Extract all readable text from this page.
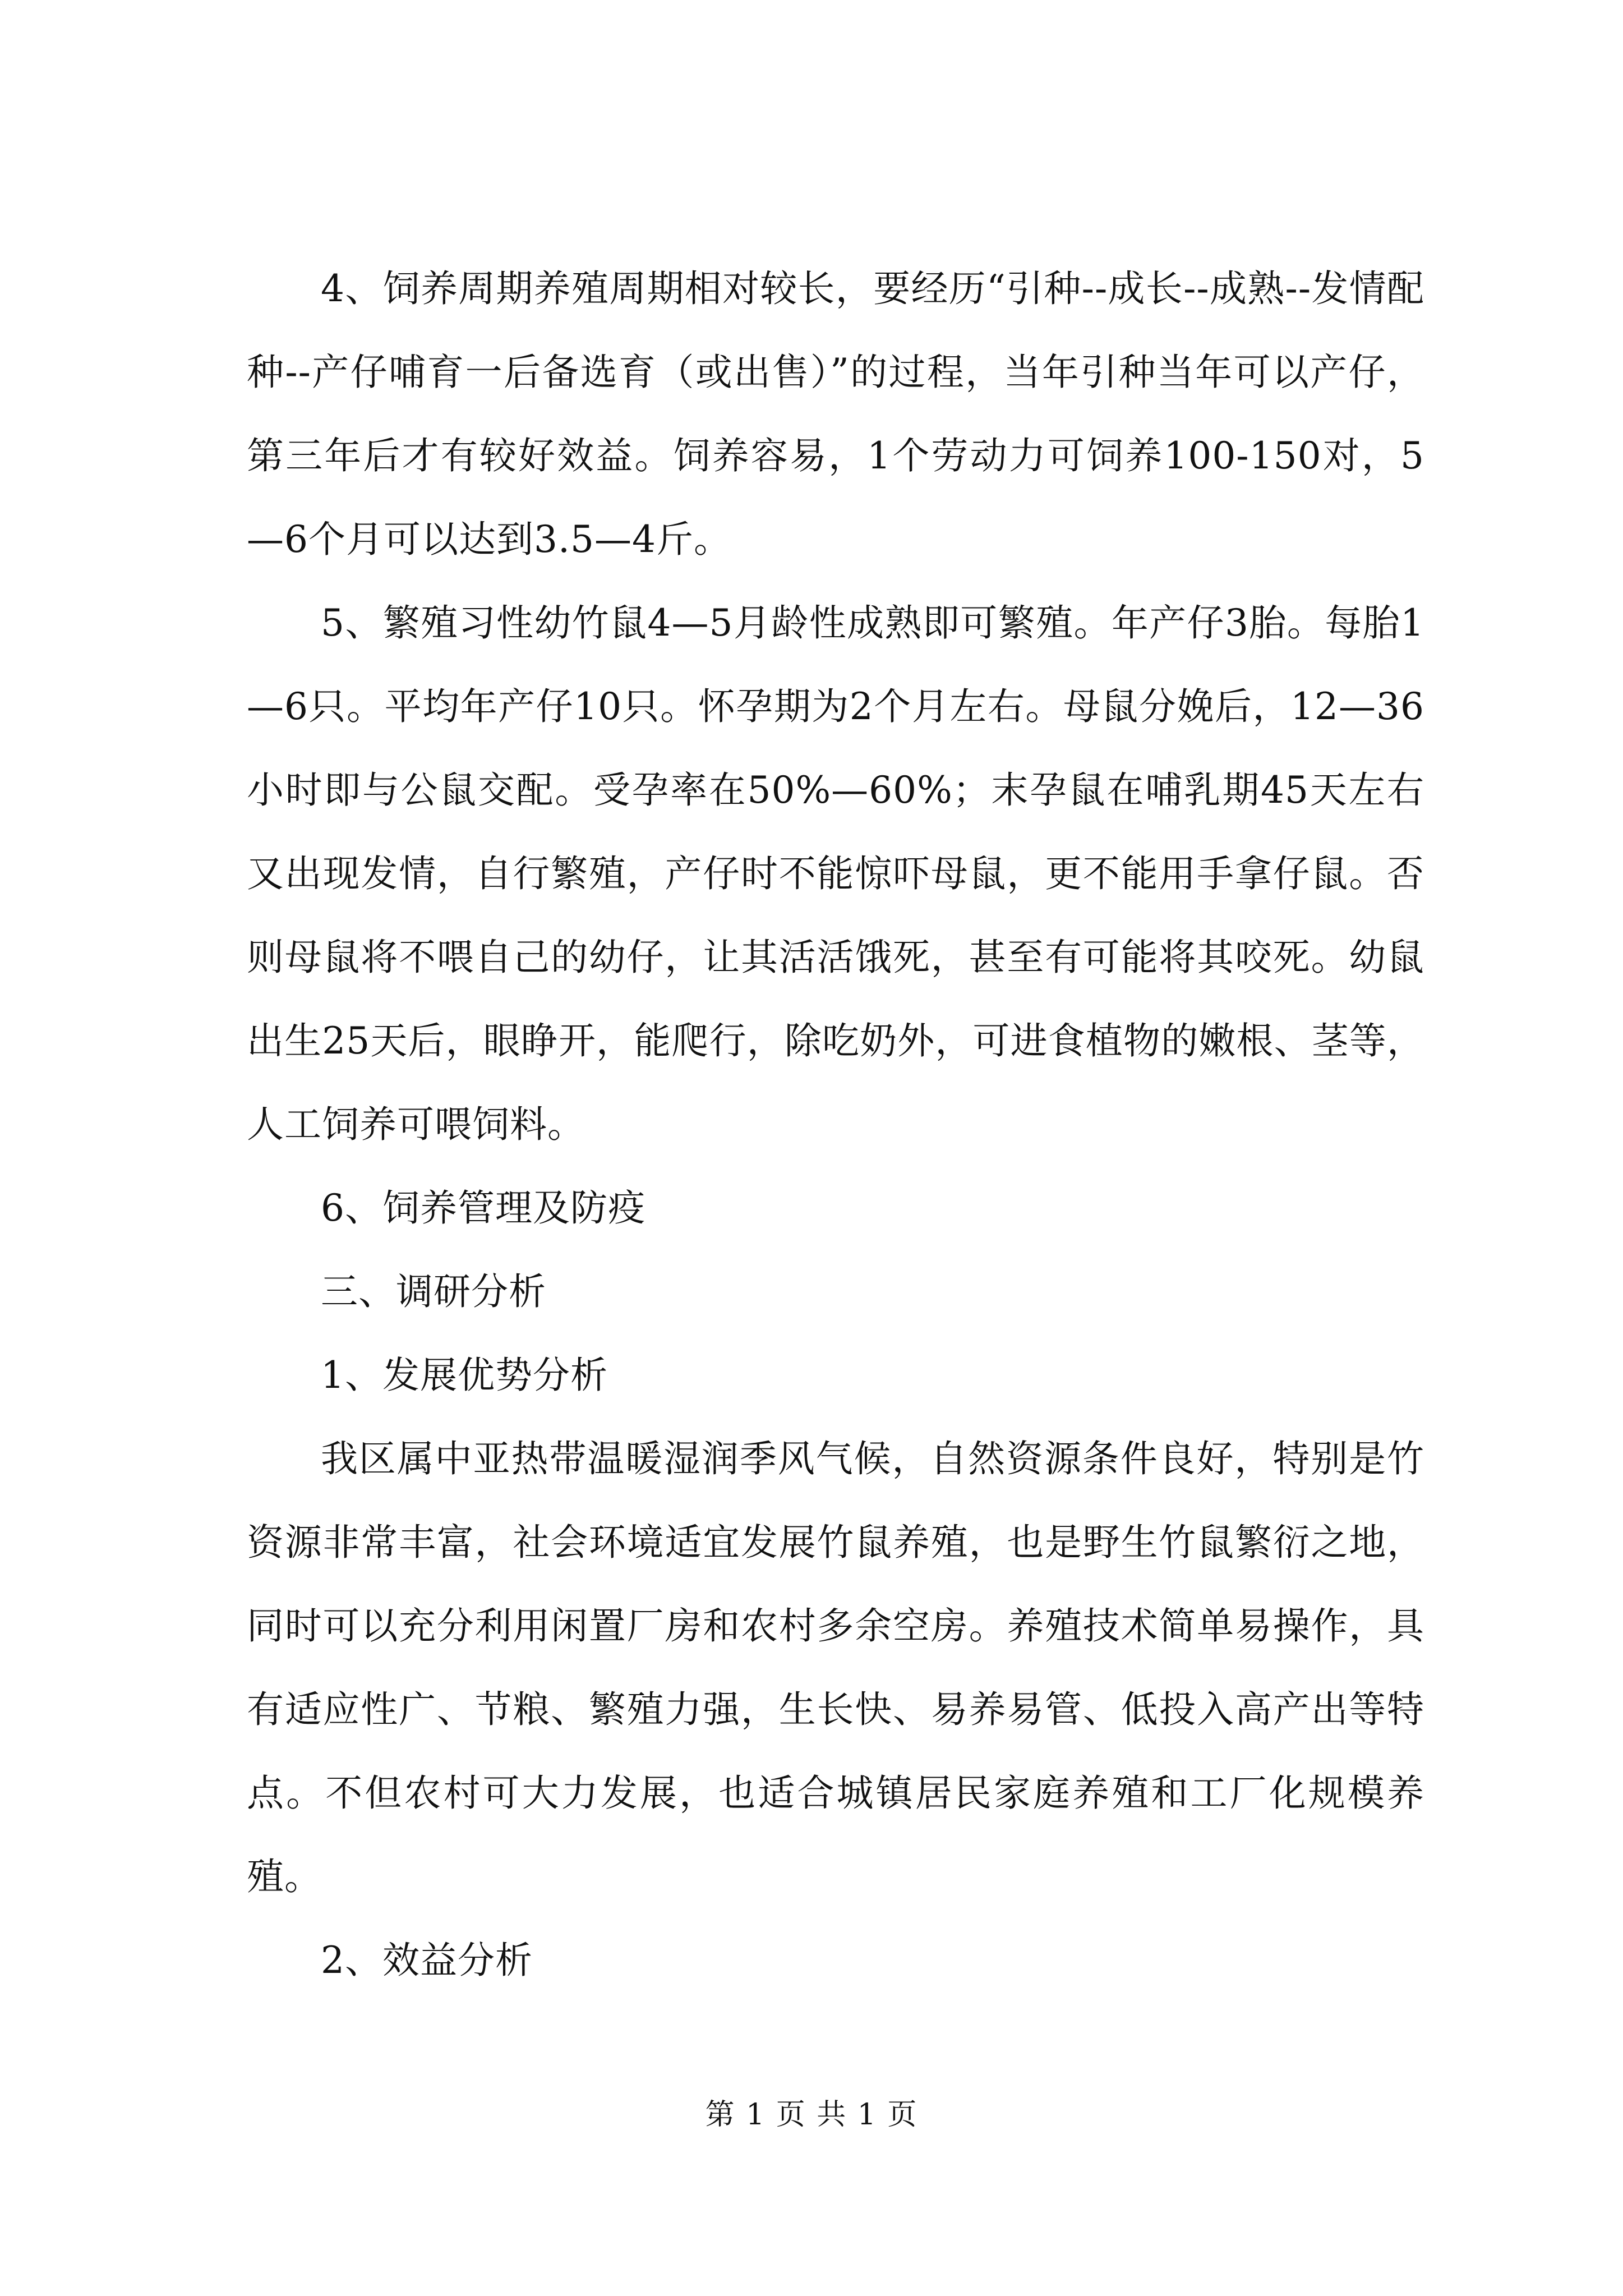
4、饲养周期养殖周期相对较长，要经历“引种--成长--成熟--发情配种--产仔哺育一后备选育（或出售）”的过程，当年引种当年可以产仔，第三年后才有较好效益。饲养容易，1个劳动力可饲养100-150对，5—6个月可以达到3.5—4斤。

5、繁殖习性幼竹鼠4—5月龄性成熟即可繁殖。年产仔3胎。每胎1—6只。平均年产仔10只。怀孕期为2个月左右。母鼠分娩后，12—36小时即与公鼠交配。受孕率在50%—60%；末孕鼠在哺乳期45天左右又出现发情，自行繁殖，产仔时不能惊吓母鼠，更不能用手拿仔鼠。否则母鼠将不喂自己的幼仔，让其活活饿死，甚至有可能将其咬死。幼鼠出生25天后，眼睁开，能爬行，除吃奶外，可进食植物的嫩根、茎等，人工饲养可喂饲料。

6、饲养管理及防疫

三、调研分析

1、发展优势分析

我区属中亚热带温暖湿润季风气候，自然资源条件良好，特别是竹资源非常丰富，社会环境适宜发展竹鼠养殖，也是野生竹鼠繁衍之地，同时可以充分利用闲置厂房和农村多余空房。养殖技术简单易操作，具有适应性广、节粮、繁殖力强，生长快、易养易管、低投入高产出等特点。不但农村可大力发展，也适合城镇居民家庭养殖和工厂化规模养殖。

2、效益分析

第 1 页 共 1 页
